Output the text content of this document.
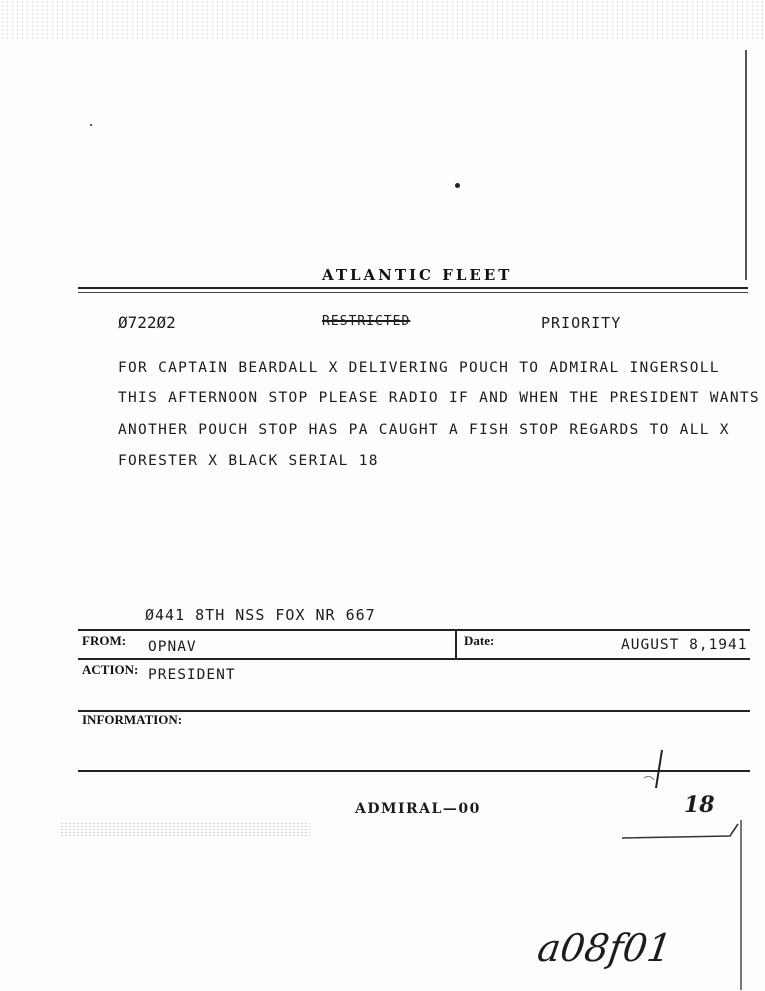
ATLANTIC FLEET
Ø722Ø2	RESTRICTED	PRIORITY
FOR CAPTAIN BEARDALL X DELIVERING POUCH TO ADMIRAL INGERSOLL
THIS AFTERNOON STOP PLEASE RADIO IF AND WHEN THE PRESIDENT WANTS
ANOTHER POUCH STOP HAS PA CAUGHT A FISH STOP REGARDS TO ALL X
FORESTER X BLACK SERIAL 18
Ø441 8TH NSS FOX NR 667
FROM: OPNAV	Date:	AUGUST 8,1941
ACTION: PRESIDENT
INFORMATION:
ADMIRAL—00	18
a08f01
